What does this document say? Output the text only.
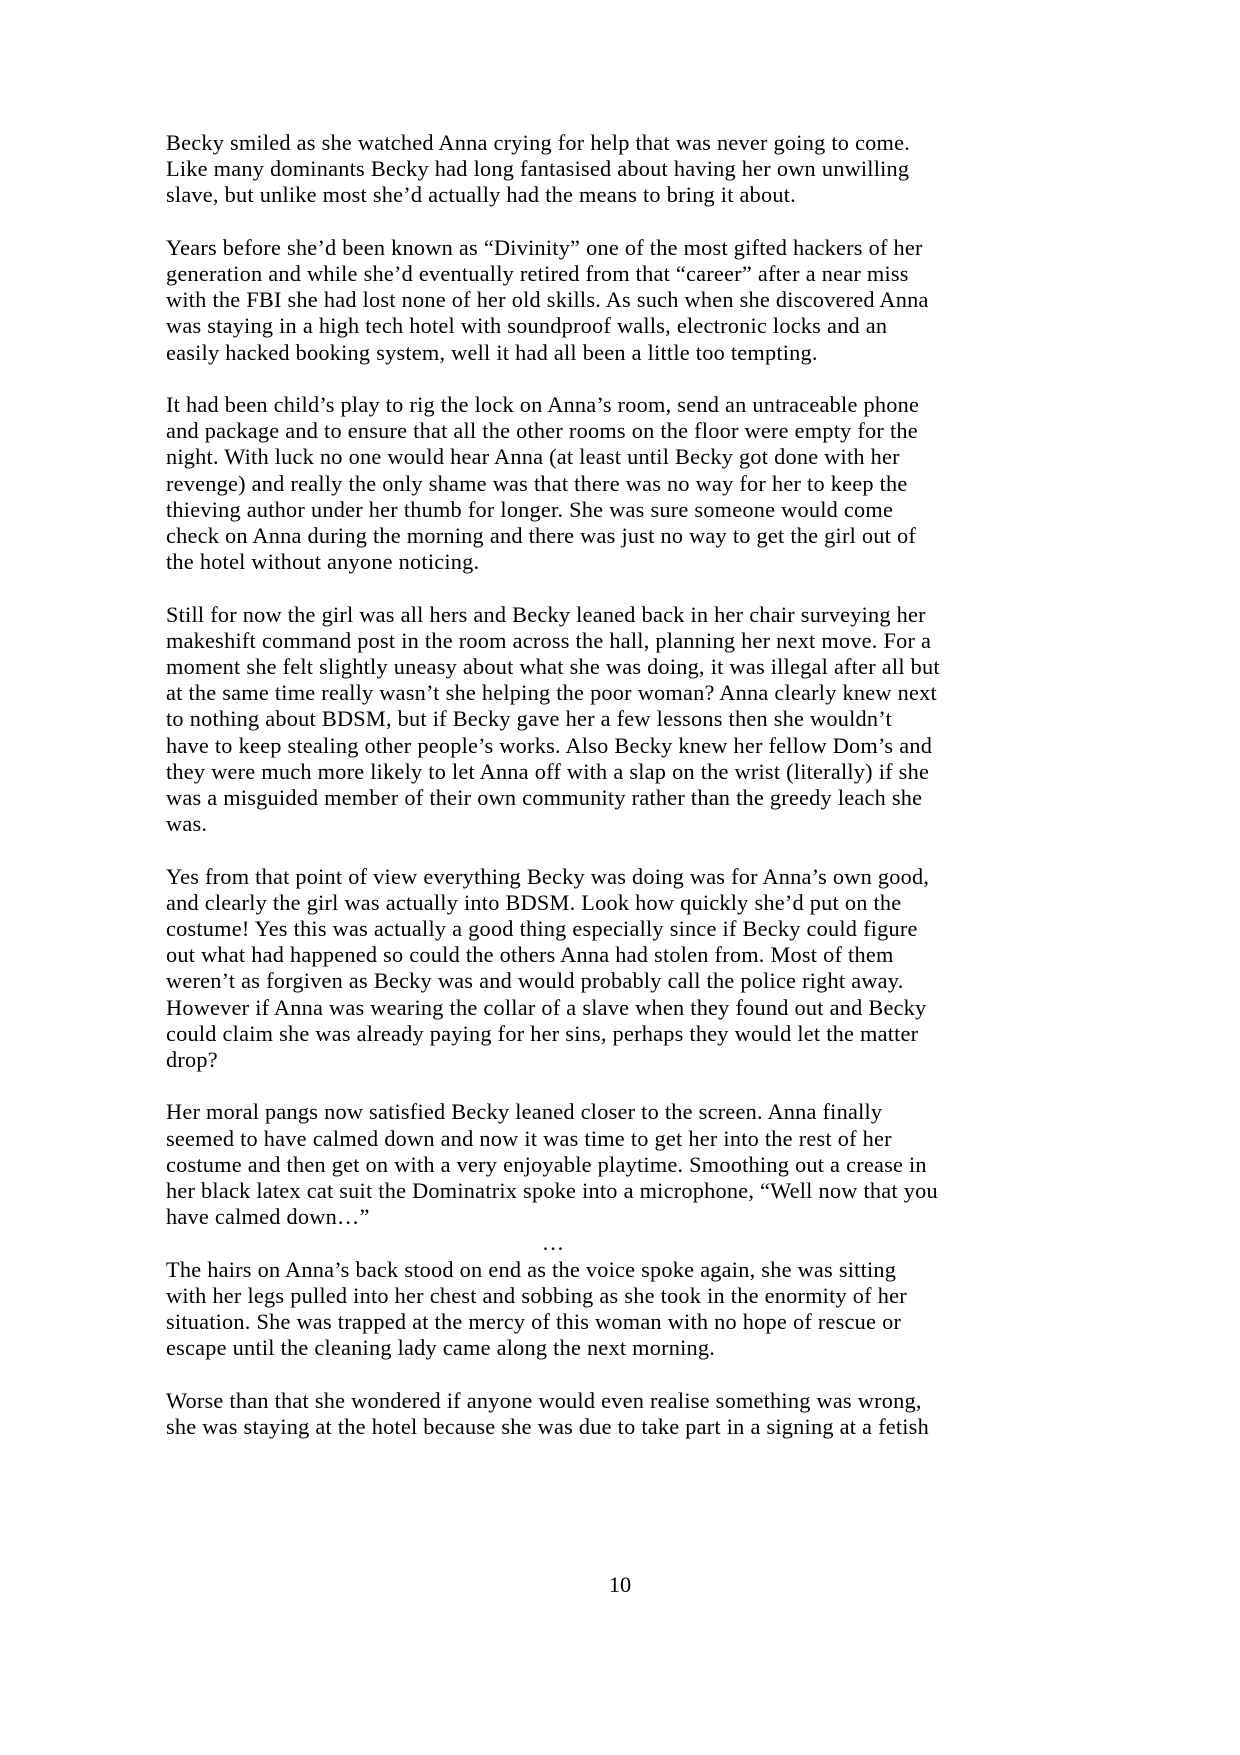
Becky smiled as she watched Anna crying for help that was never going to come. Like many dominants Becky had long fantasised about having her own unwilling slave, but unlike most she’d actually had the means to bring it about.

Years before she’d been known as “Divinity” one of the most gifted hackers of her generation and while she’d eventually retired from that “career” after a near miss with the FBI she had lost none of her old skills. As such when she discovered Anna was staying in a high tech hotel with soundproof walls, electronic locks and an easily hacked booking system, well it had all been a little too tempting.

It had been child’s play to rig the lock on Anna’s room, send an untraceable phone and package and to ensure that all the other rooms on the floor were empty for the night. With luck no one would hear Anna (at least until Becky got done with her revenge) and really the only shame was that there was no way for her to keep the thieving author under her thumb for longer. She was sure someone would come check on Anna during the morning and there was just no way to get the girl out of the hotel without anyone noticing.

Still for now the girl was all hers and Becky leaned back in her chair surveying her makeshift command post in the room across the hall, planning her next move. For a moment she felt slightly uneasy about what she was doing, it was illegal after all but at the same time really wasn’t she helping the poor woman? Anna clearly knew next to nothing about BDSM, but if Becky gave her a few lessons then she wouldn’t have to keep stealing other people’s works. Also Becky knew her fellow Dom’s and they were much more likely to let Anna off with a slap on the wrist (literally) if she was a misguided member of their own community rather than the greedy leach she was.

Yes from that point of view everything Becky was doing was for Anna’s own good, and clearly the girl was actually into BDSM. Look how quickly she’d put on the costume! Yes this was actually a good thing especially since if Becky could figure out what had happened so could the others Anna had stolen from. Most of them weren’t as forgiven as Becky was and would probably call the police right away. However if Anna was wearing the collar of a slave when they found out and Becky could claim she was already paying for her sins, perhaps they would let the matter drop?

Her moral pangs now satisfied Becky leaned closer to the screen. Anna finally seemed to have calmed down and now it was time to get her into the rest of her costume and then get on with a very enjoyable playtime. Smoothing out a crease in her black latex cat suit the Dominatrix spoke into a microphone, “Well now that you have calmed down…”

…

The hairs on Anna’s back stood on end as the voice spoke again, she was sitting with her legs pulled into her chest and sobbing as she took in the enormity of her situation. She was trapped at the mercy of this woman with no hope of rescue or escape until the cleaning lady came along the next morning.

Worse than that she wondered if anyone would even realise something was wrong, she was staying at the hotel because she was due to take part in a signing at a fetish

10
